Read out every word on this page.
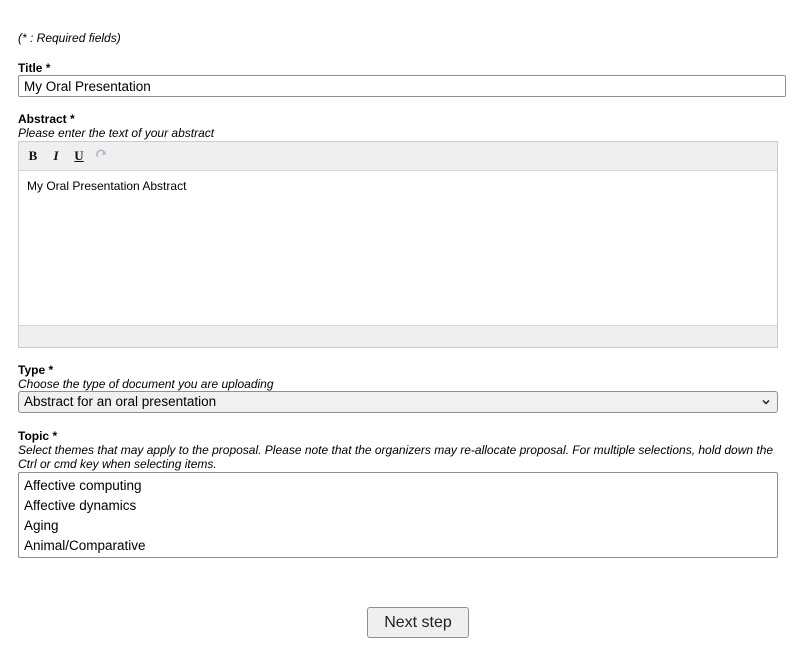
(* : Required fields)
Title *
My Oral Presentation
Abstract *
Please enter the text of your abstract
B	I	U
My Oral Presentation Abstract
Type *
Choose the type of document you are uploading
Abstract for an oral presentation
Topic *
Select themes that may apply to the proposal. Please note that the organizers may re-allocate proposal. For multiple selections, hold down the
Ctrl or cmd key when selecting items.
Affective computing
Affective dynamics
Aging
Animal/Comparative
Next step
